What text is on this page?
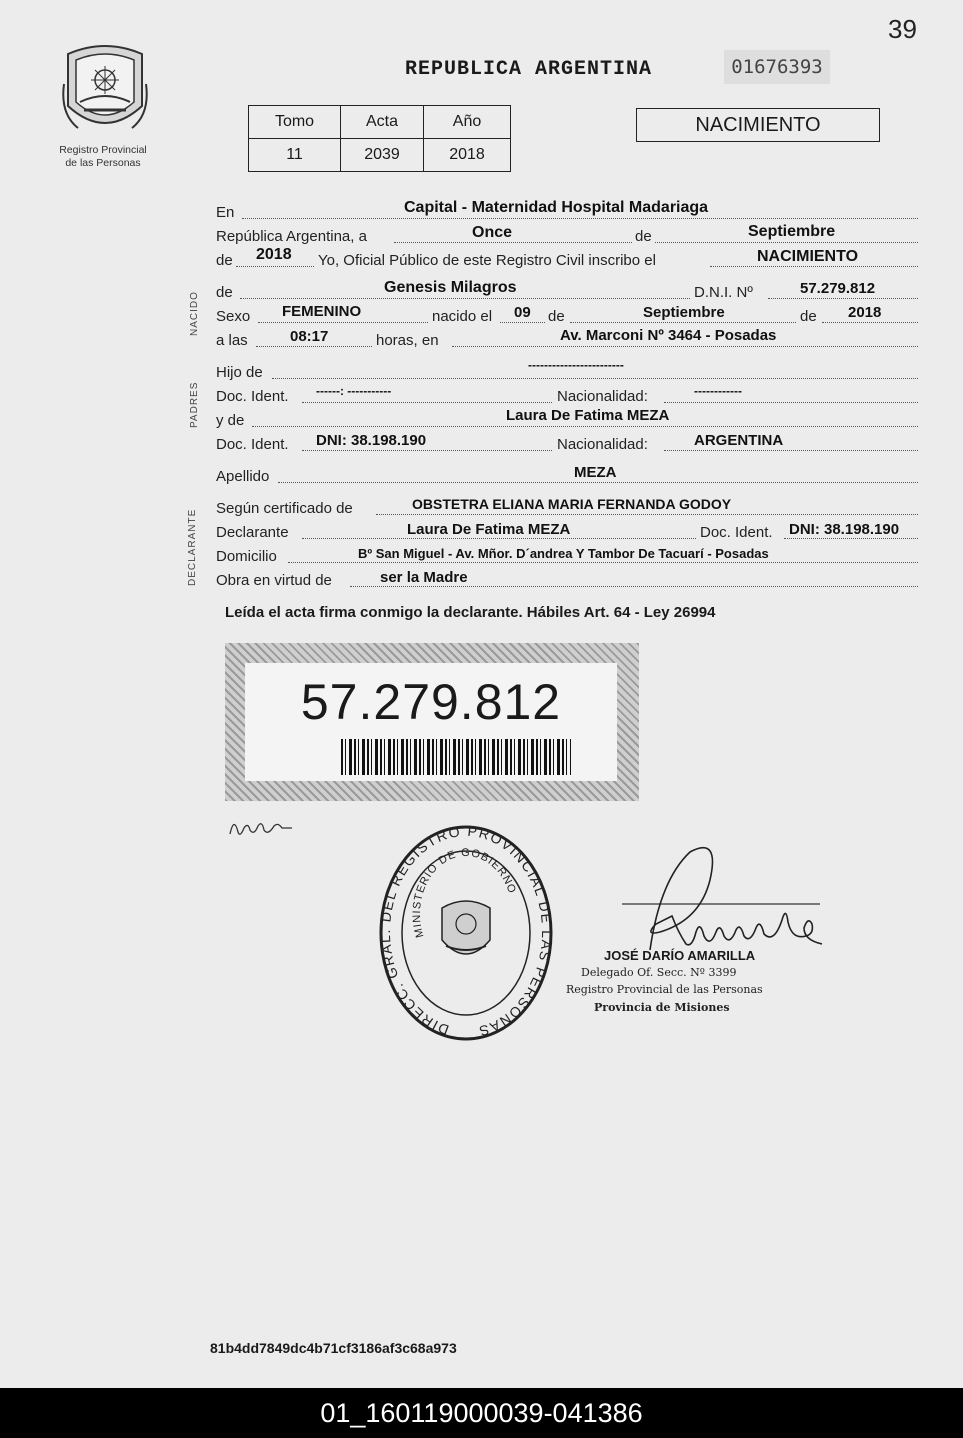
39
Registro Provincial
de las Personas
REPUBLICA ARGENTINA	01676393
Tomo	Acta	Año
11	2039	2018
NACIMIENTO
NACIDO
PADRES
DECLARANTE
En	Capital - Maternidad Hospital Madariaga
República Argentina, a	Once	de	Septiembre
de 2018 Yo, Oficial Público de este Registro Civil inscribo el	NACIMIENTO
de	Genesis Milagros	D.N.I. Nº	57.279.812
Sexo FEMENINO	nacido el 09 de	Septiembre	de 2018
a las	08:17	horas, en	Av. Marconi Nº 3464 - Posadas
Hijo de	------------------------
Doc. Ident. ------: -----------	Nacionalidad:	------------
y de	Laura De Fatima MEZA
Doc. Ident. DNI: 38.198.190	Nacionalidad:	ARGENTINA
Apellido	MEZA
Según certificado de	OBSTETRA ELIANA MARIA FERNANDA GODOY
Declarante	Laura De Fatima MEZA	Doc. Ident. DNI: 38.198.190
Domicilio	Bº San Miguel - Av. Mñor. D´andrea Y Tambor De Tacuarí - Posadas
Obra en virtud de	ser la Madre
Leída el acta firma conmigo la declarante. Hábiles Art. 64 - Ley 26994
57.279.812
DIRECC. GRAL. DEL REGISTRO PROVINCIAL DE LAS PERSONAS
MINISTERIO DE GOBIERNO
JOSÉ DARÍO AMARILLA
Delegado Of. Secc. Nº 3399
Registro Provincial de las Personas
Provincia de Misiones
81b4dd7849dc4b71cf3186af3c68a973
01_160119000039-041386
